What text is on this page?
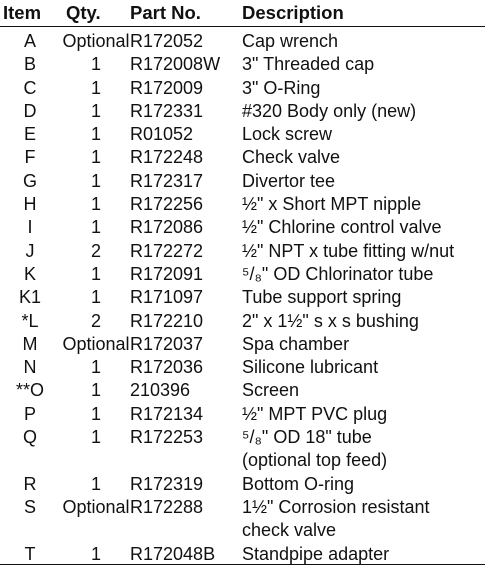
Item	Qty.	Part No.	Description
A	Optional	R172052	Cap wrench

B	1	R172008W	3" Threaded cap

C	1	R172009	3" O-Ring

D	1	R172331	#320 Body only (new)

E	1	R01052	Lock screw

F	1	R172248	Check valve

G	1	R172317	Divertor tee

H	1	R172256	½" x Short MPT nipple

I	1	R172086	½" Chlorine control valve

J	2	R172272	½" NPT x tube fitting w/nut

K	1	R172091	⁵/₈" OD Chlorinator tube

K1	1	R171097	Tube support spring

*L	2	R172210	2" x 1½" s x s bushing

M	Optional	R172037	Spa chamber

N	1	R172036	Silicone lubricant

**O	1	210396	Screen

P	1	R172134	½" MPT PVC plug

Q	1	R172253	⁵/₈" OD 18" tube
(optional top feed)

R	1	R172319	Bottom O-ring

S	Optional	R172288	1½" Corrosion resistant
check valve

T	1	R172048B	Standpipe adapter
